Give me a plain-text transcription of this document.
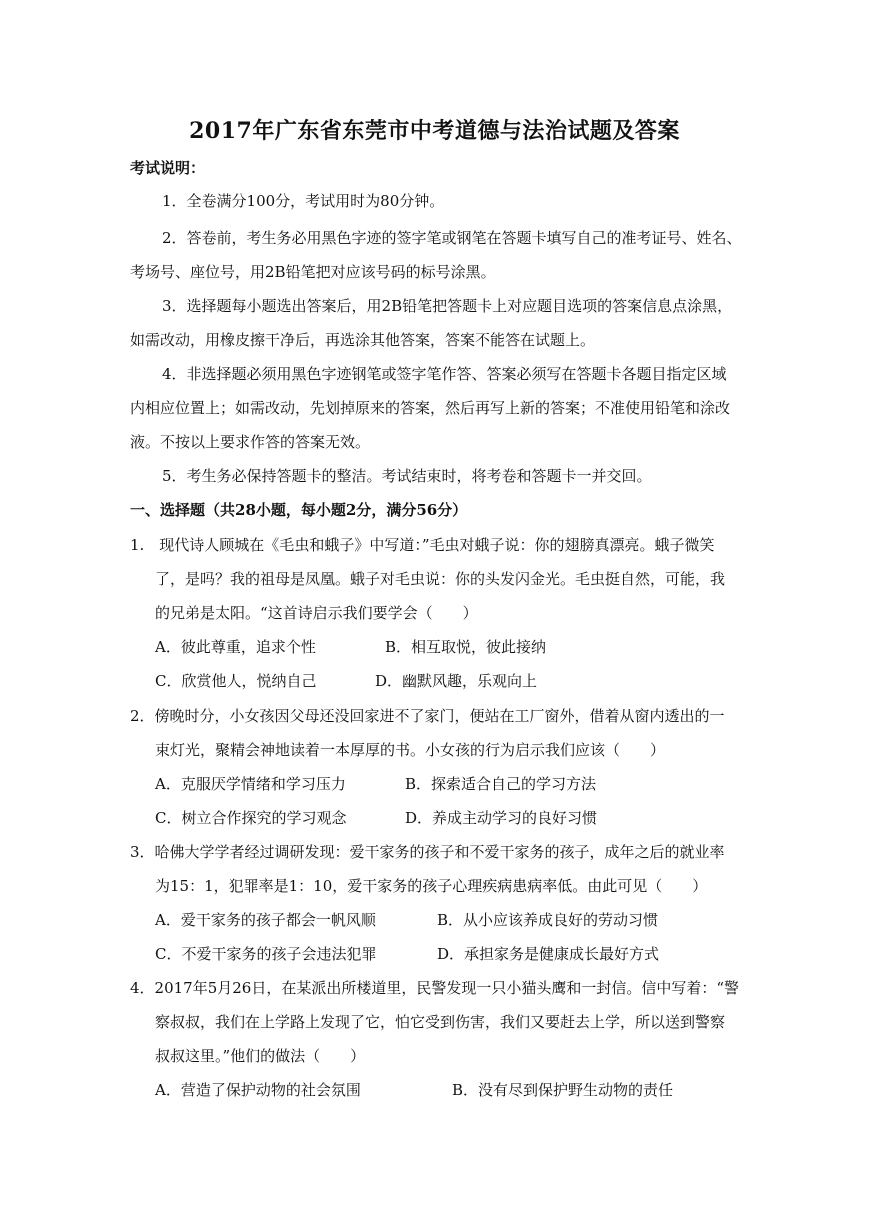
2017年广东省东莞市中考道德与法治试题及答案
考试说明：
1．全卷满分100分，考试用时为80分钟。
2．答卷前，考生务必用黑色字迹的签字笔或钢笔在答题卡填写自己的准考证号、姓名、
考场号、座位号，用2B铅笔把对应该号码的标号涂黑。
3．选择题每小题选出答案后，用2B铅笔把答题卡上对应题目选项的答案信息点涂黑，
如需改动，用橡皮擦干净后，再选涂其他答案，答案不能答在试题上。
4．非选择题必须用黑色字迹钢笔或签字笔作答、答案必须写在答题卡各题目指定区域
内相应位置上；如需改动，先划掉原来的答案，然后再写上新的答案；不准使用铅笔和涂改
液。不按以上要求作答的答案无效。
5．考生务必保持答题卡的整洁。考试结束时，将考卷和答题卡一并交回。
一、选择题（共28小题，每小题2分，满分56分）
1.　现代诗人顾城在《毛虫和蛾子》中写道：”毛虫对蛾子说：你的翅膀真漂亮。蛾子微笑
了，是吗？我的祖母是凤凰。蛾子对毛虫说：你的头发闪金光。毛虫挺自然，可能，我
的兄弟是太阳。“这首诗启示我们要学会（　　）
A．彼此尊重，追求个性	B．相互取悦，彼此接纳
C．欣赏他人，悦纳自己	D．幽默风趣，乐观向上
2．傍晚时分，小女孩因父母还没回家进不了家门，便站在工厂窗外，借着从窗内透出的一
束灯光，聚精会神地读着一本厚厚的书。小女孩的行为启示我们应该（　　）
A．克服厌学情绪和学习压力	B．探索适合自己的学习方法
C．树立合作探究的学习观念	D．养成主动学习的良好习惯
3．哈佛大学学者经过调研发现：爱干家务的孩子和不爱干家务的孩子，成年之后的就业率
为15：1，犯罪率是1：10，爱干家务的孩子心理疾病患病率低。由此可见（　　）
A．爱干家务的孩子都会一帆风顺	B．从小应该养成良好的劳动习惯
C．不爱干家务的孩子会违法犯罪	D．承担家务是健康成长最好方式
4．2017年5月26日，在某派出所楼道里，民警发现一只小猫头鹰和一封信。信中写着：“警
察叔叔，我们在上学路上发现了它，怕它受到伤害，我们又要赶去上学，所以送到警察
叔叔这里。”他们的做法（　　）
A．营造了保护动物的社会氛围	B．没有尽到保护野生动物的责任
